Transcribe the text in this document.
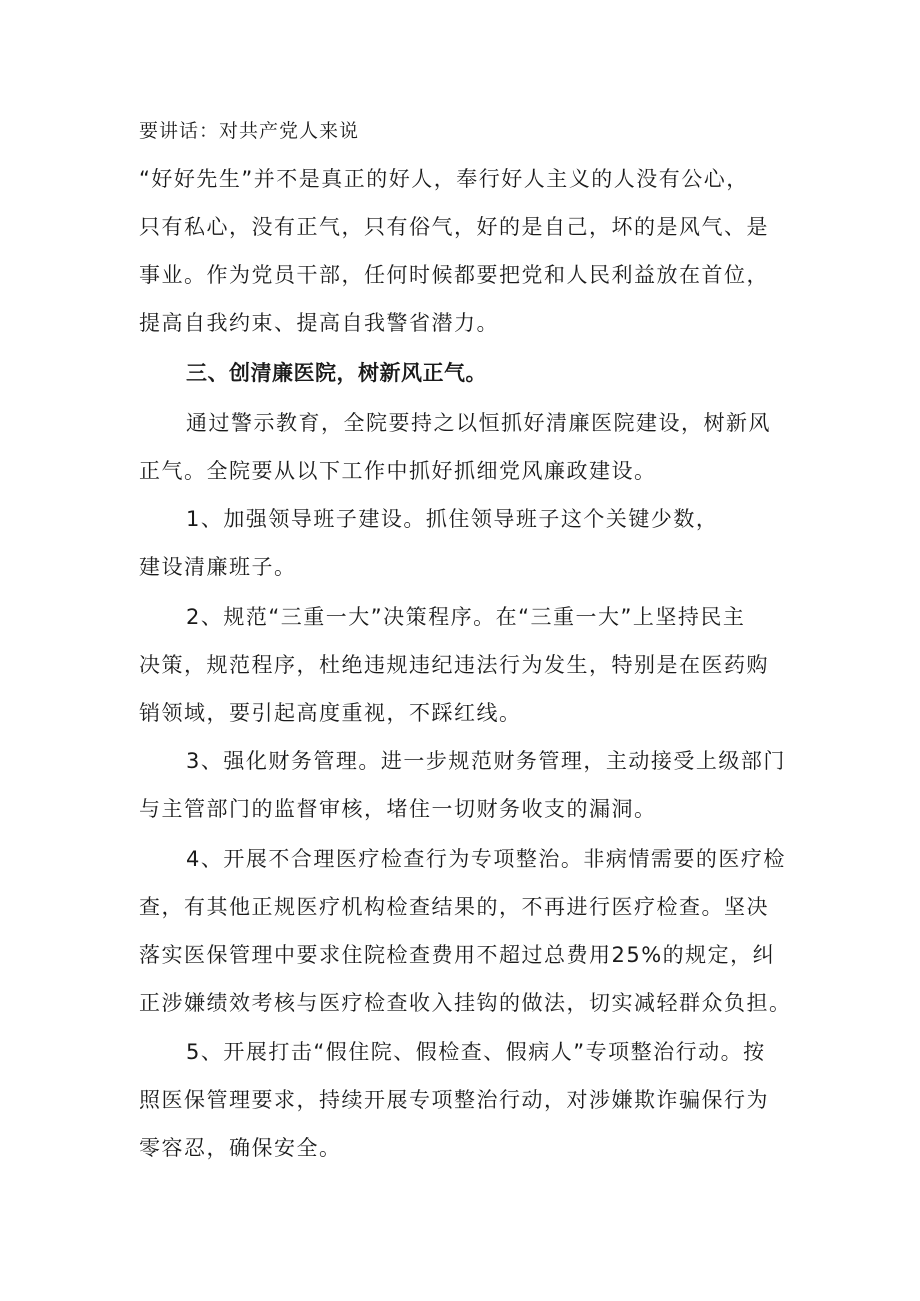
要讲话：对共产党人来说
“好好先生”并不是真正的好人，奉行好人主义的人没有公心，
只有私心，没有正气，只有俗气，好的是自己，坏的是风气、是
事业。作为党员干部，任何时候都要把党和人民利益放在首位，
提高自我约束、提高自我警省潜力。
三、创清廉医院，树新风正气。
通过警示教育，全院要持之以恒抓好清廉医院建设，树新风
正气。全院要从以下工作中抓好抓细党风廉政建设。
1、加强领导班子建设。抓住领导班子这个关键少数，
建设清廉班子。
2、规范“三重一大”决策程序。在“三重一大”上坚持民主
决策，规范程序，杜绝违规违纪违法行为发生，特别是在医药购
销领域，要引起高度重视，不踩红线。
3、强化财务管理。进一步规范财务管理，主动接受上级部门
与主管部门的监督审核，堵住一切财务收支的漏洞。
4、开展不合理医疗检查行为专项整治。非病情需要的医疗检
查，有其他正规医疗机构检查结果的，不再进行医疗检查。坚决
落实医保管理中要求住院检查费用不超过总费用25%的规定，纠
正涉嫌绩效考核与医疗检查收入挂钩的做法，切实减轻群众负担。
5、开展打击“假住院、假检查、假病人”专项整治行动。按
照医保管理要求，持续开展专项整治行动，对涉嫌欺诈骗保行为
零容忍，确保安全。
